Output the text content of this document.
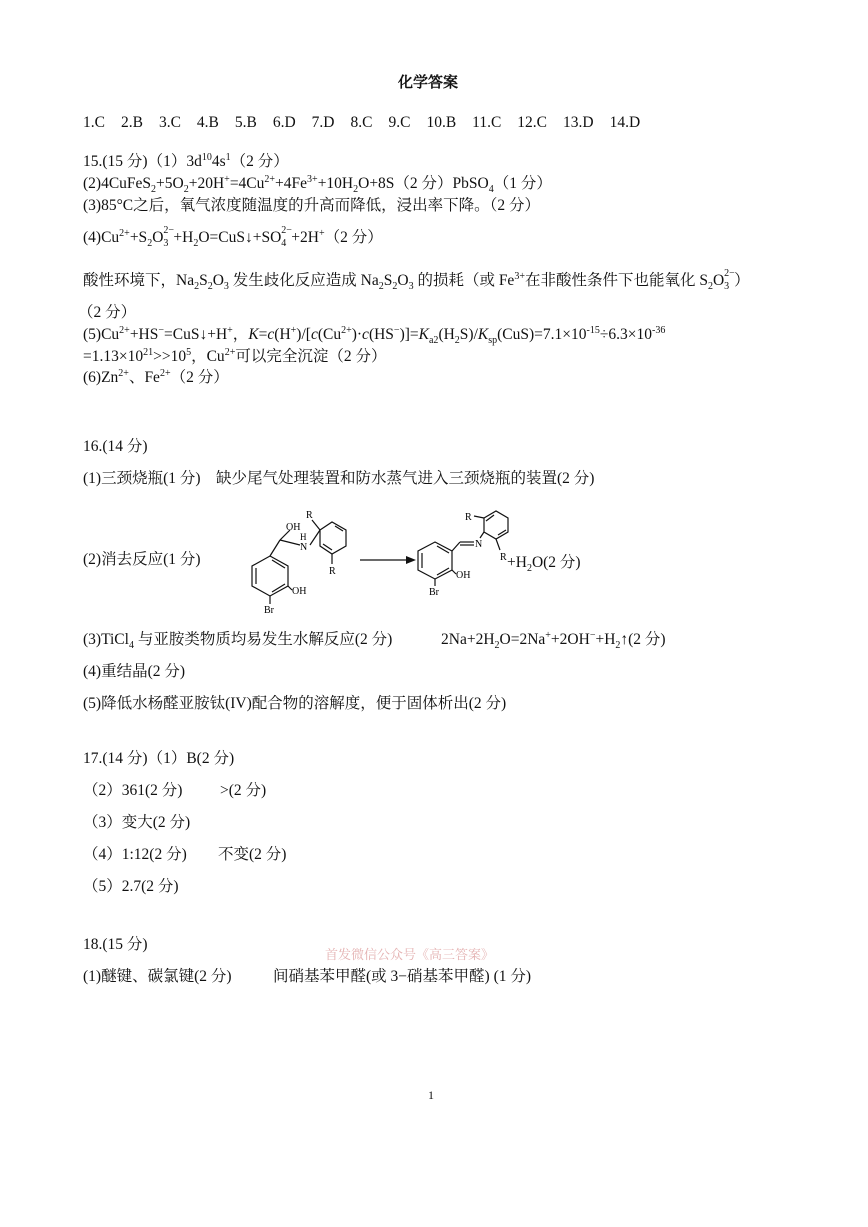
化学答案
1.C 2.B 3.C 4.B 5.B 6.D 7.D 8.C 9.C 10.B 11.C 12.C 13.D 14.D
15.(15 分)$(1)3d^{10}4s^1(2$ 分）
$(2)4CuFeS_2+5O_2+20H^+=4Cu^{2+}+4Fe^{3+}+10H_2O+8S(2$ 分）PbSO$_4$（1 分）
(3)85°C之后，氧气浓度随温度的升高而降低，浸出率下降。（2 分）
$(4)Cu^{2+}+S_2O$ 2−
$3 +H_2O=CuS↓+SO$ 2−
4 +2H+（2 分）
酸性环境下，$Na_2S_2O_3$ 发生歧化反应造成 $Na_2S_2O_3$ 的损耗（或 $Fe^{3+}$在非酸性条件下也能氧化 $S_2O$ 2−
3 ）
（2 分）
$(5)Cu^{2+}+HS^-=CuS↓+H^+$，$K=c(H^+)/[c(Cu^{2+})\cdot c(HS^-)]=K_{a2}(H_2S)/K_{sp}(CuS)=7.1\times 10^{-15}\div 6.3\times 10^{-36}$
$=1.13\times 10^{21}>>10^5$，$Cu^{2+}$可以完全沉淀（2 分）
$(6)Zn^{2+}$、$Fe^{2+}(2$ 分）
16.(14 分)
(1)三颈烧瓶(1 分)    缺少尾气处理装置和防水蒸气进入三颈烧瓶的装置(2 分)
(2)消去反应(1 分)
OH
H
N
R
R
OH
Br
R
N
R
OH
Br
$+H_2O(2$ 分)
(3)TiCl$_4$ 与亚胺类物质均易发生水解反应(2 分)	$2Na+2H_2O=2Na^++2OH^-+H_2↑(2$ 分)
(4)重结晶(2 分)
(5)降低水杨醛亚胺钛(IV)配合物的溶解度，便于固体析出(2 分)
17.(14 分)（1）B(2 分)
（2）361(2 分) >(2 分)
（3）变大(2 分)
（4）1:12(2 分) 不变(2 分)
（5）2.7(2 分)
18.(15 分)
首发微信公众号《高三答案》
(1)醚键、碳氯键(2 分)	间硝基苯甲醛(或 3−硝基苯甲醛) (1 分)
1
